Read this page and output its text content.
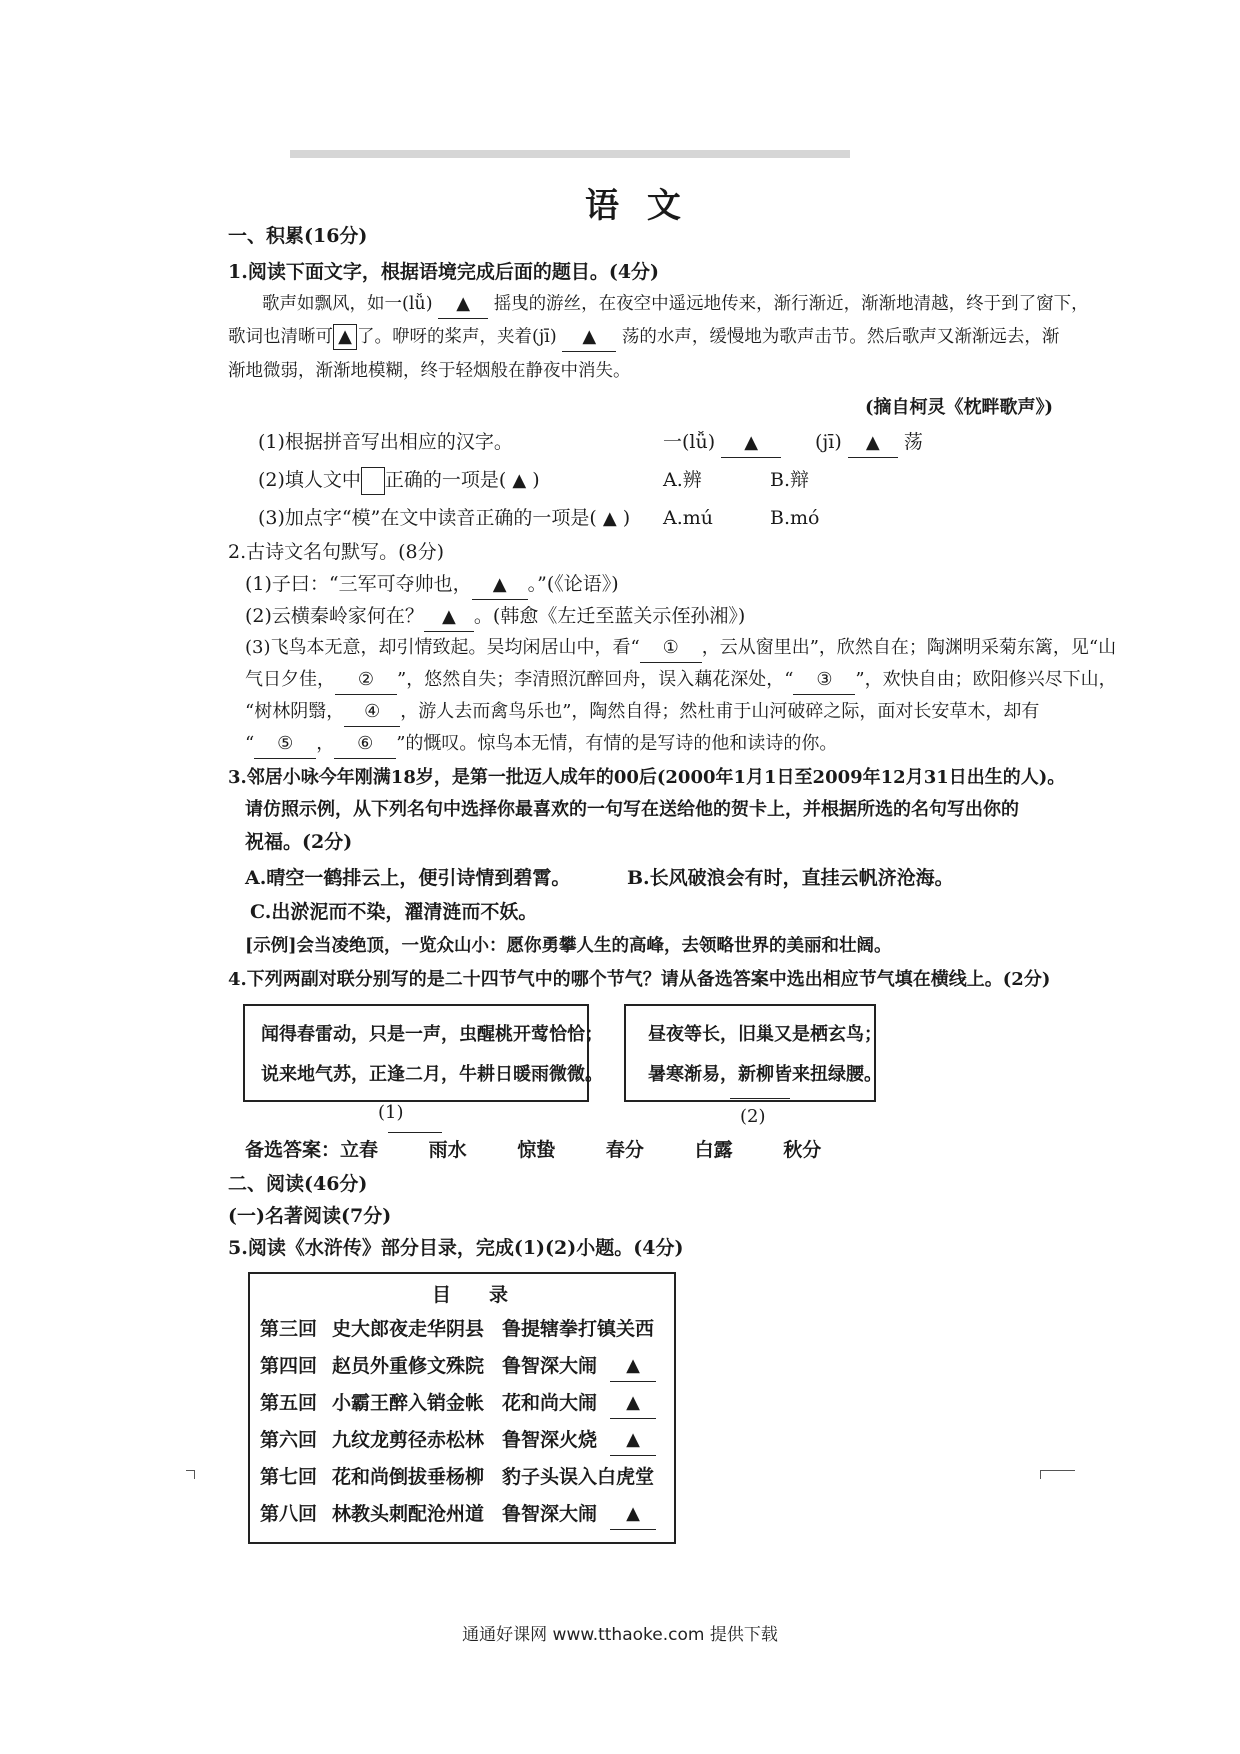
语 文
一、积累(16分)
1.阅读下面文字，根据语境完成后面的题目。(4分)
歌声如飘风，如一(lǚ) ▲ 摇曳的游丝，在夜空中遥远地传来，渐行渐近，渐渐地清越，终于到了窗下，
歌词也清晰可 ▲ 了。咿呀的桨声，夹着(jī) ▲ 荡的水声，缓慢地为歌声击节。然后歌声又渐渐远去，渐
渐地微弱，渐渐地模糊，终于轻烟般在静夜中消失。
(摘自柯灵《枕畔歌声》)
(1)根据拼音写出相应的汉字。	一(lǚ) ▲	(jī) ▲ 荡
(2)填人文中 正确的一项是( ▲ )	A.辨	B.辩
(3)加点字“模”在文中读音正确的一项是( ▲ ) A.mú	B.mó
2.古诗文名句默写。(8分)
(1)子曰：“三军可夺帅也， ▲ 。”(《论语》)
(2)云横秦岭家何在？ ▲ 。(韩愈《左迁至蓝关示侄孙湘》)
(3)飞鸟本无意，却引情致起。吴均闲居山中，看“ ① ，云从窗里出”，欣然自在；陶渊明采菊东篱，见“山
气日夕佳， ② ”，悠然自失；李清照沉醉回舟，误入藕花深处，“ ③ ”，欢快自由；欧阳修兴尽下山，
“树林阴翳， ④ ，游人去而禽鸟乐也”，陶然自得；然杜甫于山河破碎之际，面对长安草木，却有
“ ⑤ ， ⑥ ”的慨叹。惊鸟本无情，有情的是写诗的他和读诗的你。
3.邻居小咏今年刚满18岁，是第一批迈人成年的00后(2000年1月1日至2009年12月31日出生的人)。
请仿照示例，从下列名句中选择你最喜欢的一句写在送给他的贺卡上，并根据所选的名句写出你的
祝福。(2分)
A.晴空一鹤排云上，便引诗情到碧霄。	B.长风破浪会有时，直挂云帆济沧海。
C.出淤泥而不染，濯清涟而不妖。
[示例]会当凌绝顶，一览众山小：愿你勇攀人生的高峰，去领略世界的美丽和壮阔。
4.下列两副对联分别写的是二十四节气中的哪个节气？请从备选答案中选出相应节气填在横线上。(2分)
闻得春雷动，只是一声，虫醒桃开莺恰恰；
说来地气苏，正逢二月，牛耕日暖雨微微。
昼夜等长，旧巢又是栖玄鸟；
暑寒渐易，新柳皆来扭绿腰。
(1)	(2)
备选答案：立春	雨水	惊蛰	春分	白露	秋分
二、阅读(46分)
(一)名著阅读(7分)
5.阅读《水浒传》部分目录，完成(1)(2)小题。(4分)
目　　录
第三回 史大郎夜走华阴县 鲁提辖拳打镇关西
第四回 赵员外重修文殊院 鲁智深大闹	▲
第五回 小霸王醉入销金帐 花和尚大闹	▲
第六回 九纹龙剪径赤松林 鲁智深火烧	▲
第七回 花和尚倒拔垂杨柳 豹子头误入白虎堂
第八回 林教头刺配沧州道 鲁智深大闹	▲
通通好课网 www.tthaoke.com 提供下载
